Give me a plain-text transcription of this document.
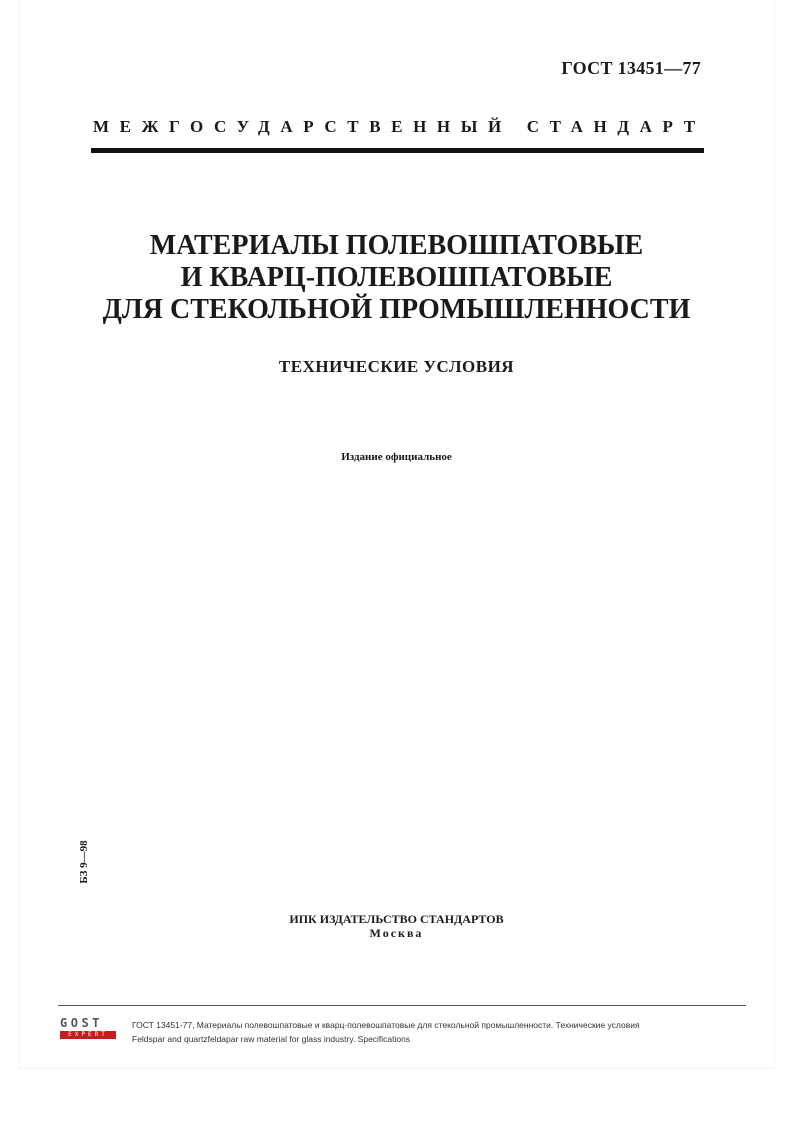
ГОСТ 13451—77
МЕЖГОСУДАРСТВЕННЫЙ СТАНДАРТ
МАТЕРИАЛЫ ПОЛЕВОШПАТОВЫЕ
И КВАРЦ-ПОЛЕВОШПАТОВЫЕ
ДЛЯ СТЕКОЛЬНОЙ ПРОМЫШЛЕННОСТИ
ТЕХНИЧЕСКИЕ УСЛОВИЯ
Издание официальное
БЗ 9—98
ИПК ИЗДАТЕЛЬСТВО СТАНДАРТОВ
Москва
GOST
EXPERT
ГОСТ 13451-77, Материалы полевошпатовые и кварц-полевошпатовые для стекольной промышленности. Технические условия
Feldspar and quartzfeldapar raw material for glass industry. Specifications
